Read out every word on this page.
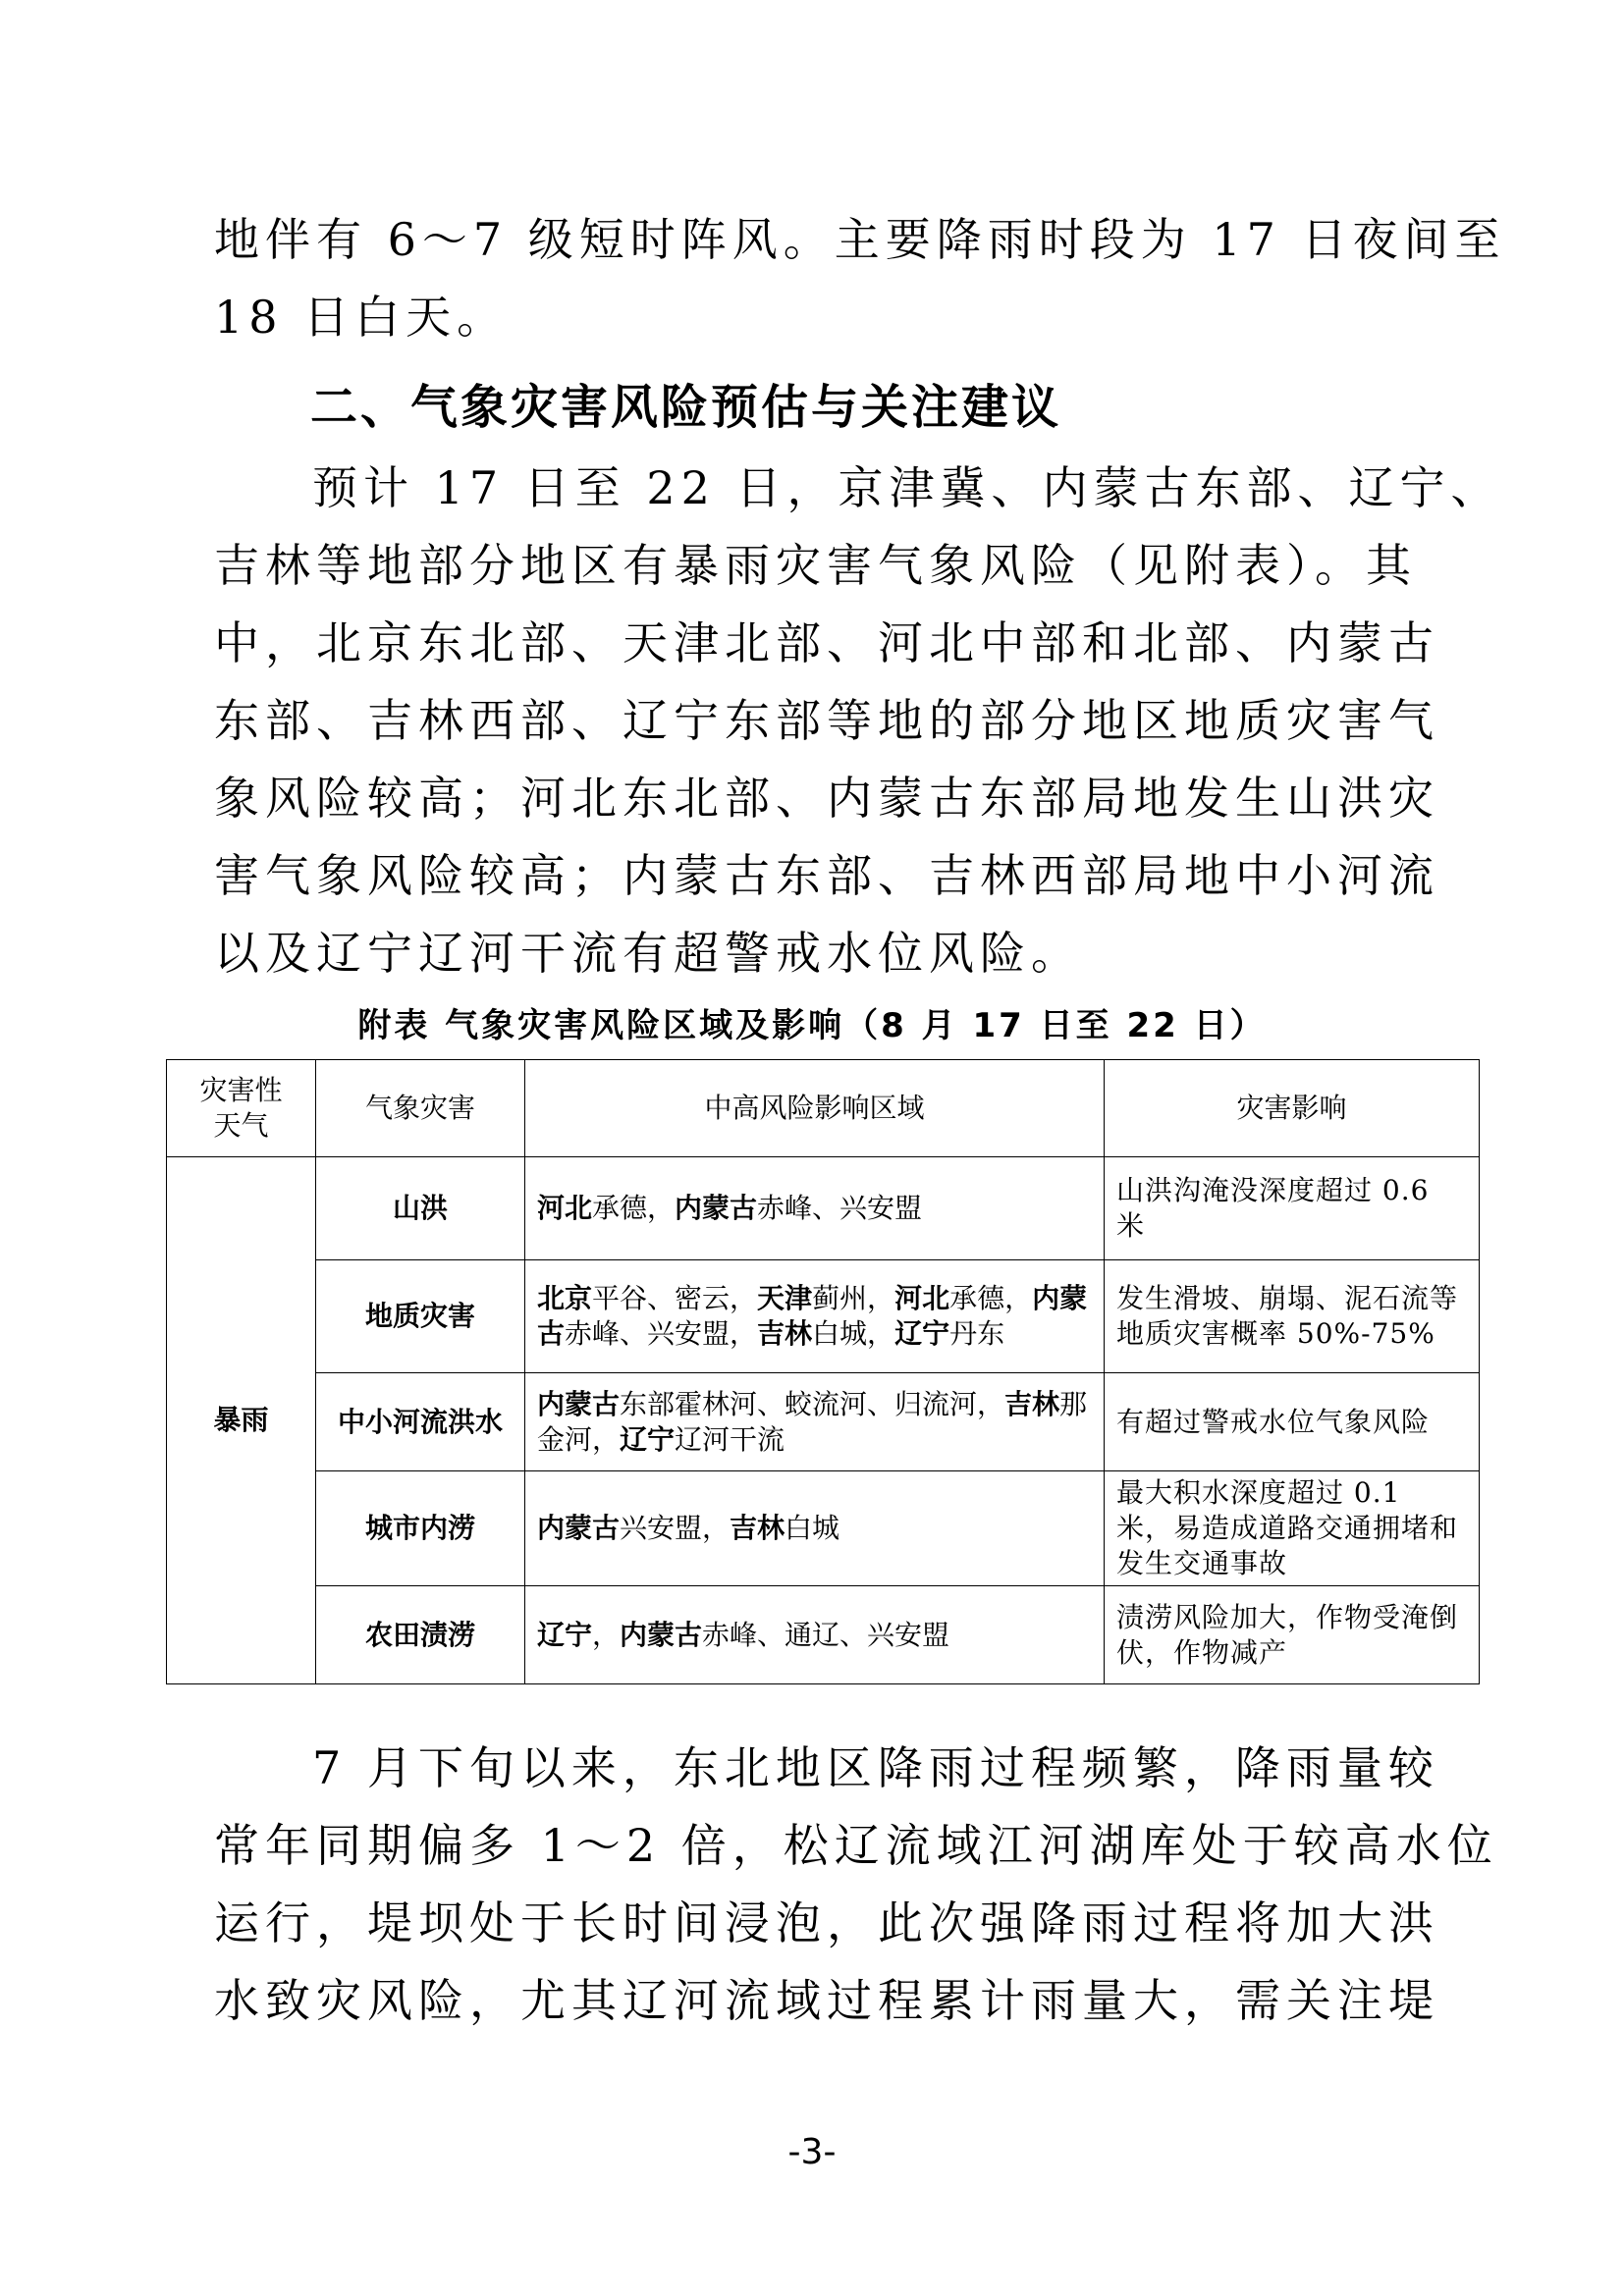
地伴有 6～7 级短时阵风。主要降雨时段为 17 日夜间至
18 日白天。
二、气象灾害风险预估与关注建议
预计 17 日至 22 日，京津冀、内蒙古东部、辽宁、
吉林等地部分地区有暴雨灾害气象风险（见附表）。其
中，北京东北部、天津北部、河北中部和北部、内蒙古
东部、吉林西部、辽宁东部等地的部分地区地质灾害气
象风险较高；河北东北部、内蒙古东部局地发生山洪灾
害气象风险较高；内蒙古东部、吉林西部局地中小河流
以及辽宁辽河干流有超警戒水位风险。

附表 气象灾害风险区域及影响（8 月 17 日至 22 日）

灾害性
天气	气象灾害	中高风险影响区域	灾害影响
暴雨	山洪	河北承德，内蒙古赤峰、兴安盟	山洪沟淹没深度超过 0.6 米
	地质灾害	北京平谷、密云，天津蓟州，河北承德，内蒙古赤峰、兴安盟，吉林白城，辽宁丹东	发生滑坡、崩塌、泥石流等地质灾害概率 50%-75%
	中小河流洪水	内蒙古东部霍林河、蛟流河、归流河，吉林那金河，辽宁辽河干流	有超过警戒水位气象风险
	城市内涝	内蒙古兴安盟，吉林白城	最大积水深度超过 0.1 米，易造成道路交通拥堵和发生交通事故
	农田渍涝	辽宁，内蒙古赤峰、通辽、兴安盟	渍涝风险加大，作物受淹倒伏，作物减产
7 月下旬以来，东北地区降雨过程频繁，降雨量较
常年同期偏多 1～2 倍，松辽流域江河湖库处于较高水位
运行，堤坝处于长时间浸泡，此次强降雨过程将加大洪
水致灾风险，尤其辽河流域过程累计雨量大，需关注堤

-3-
